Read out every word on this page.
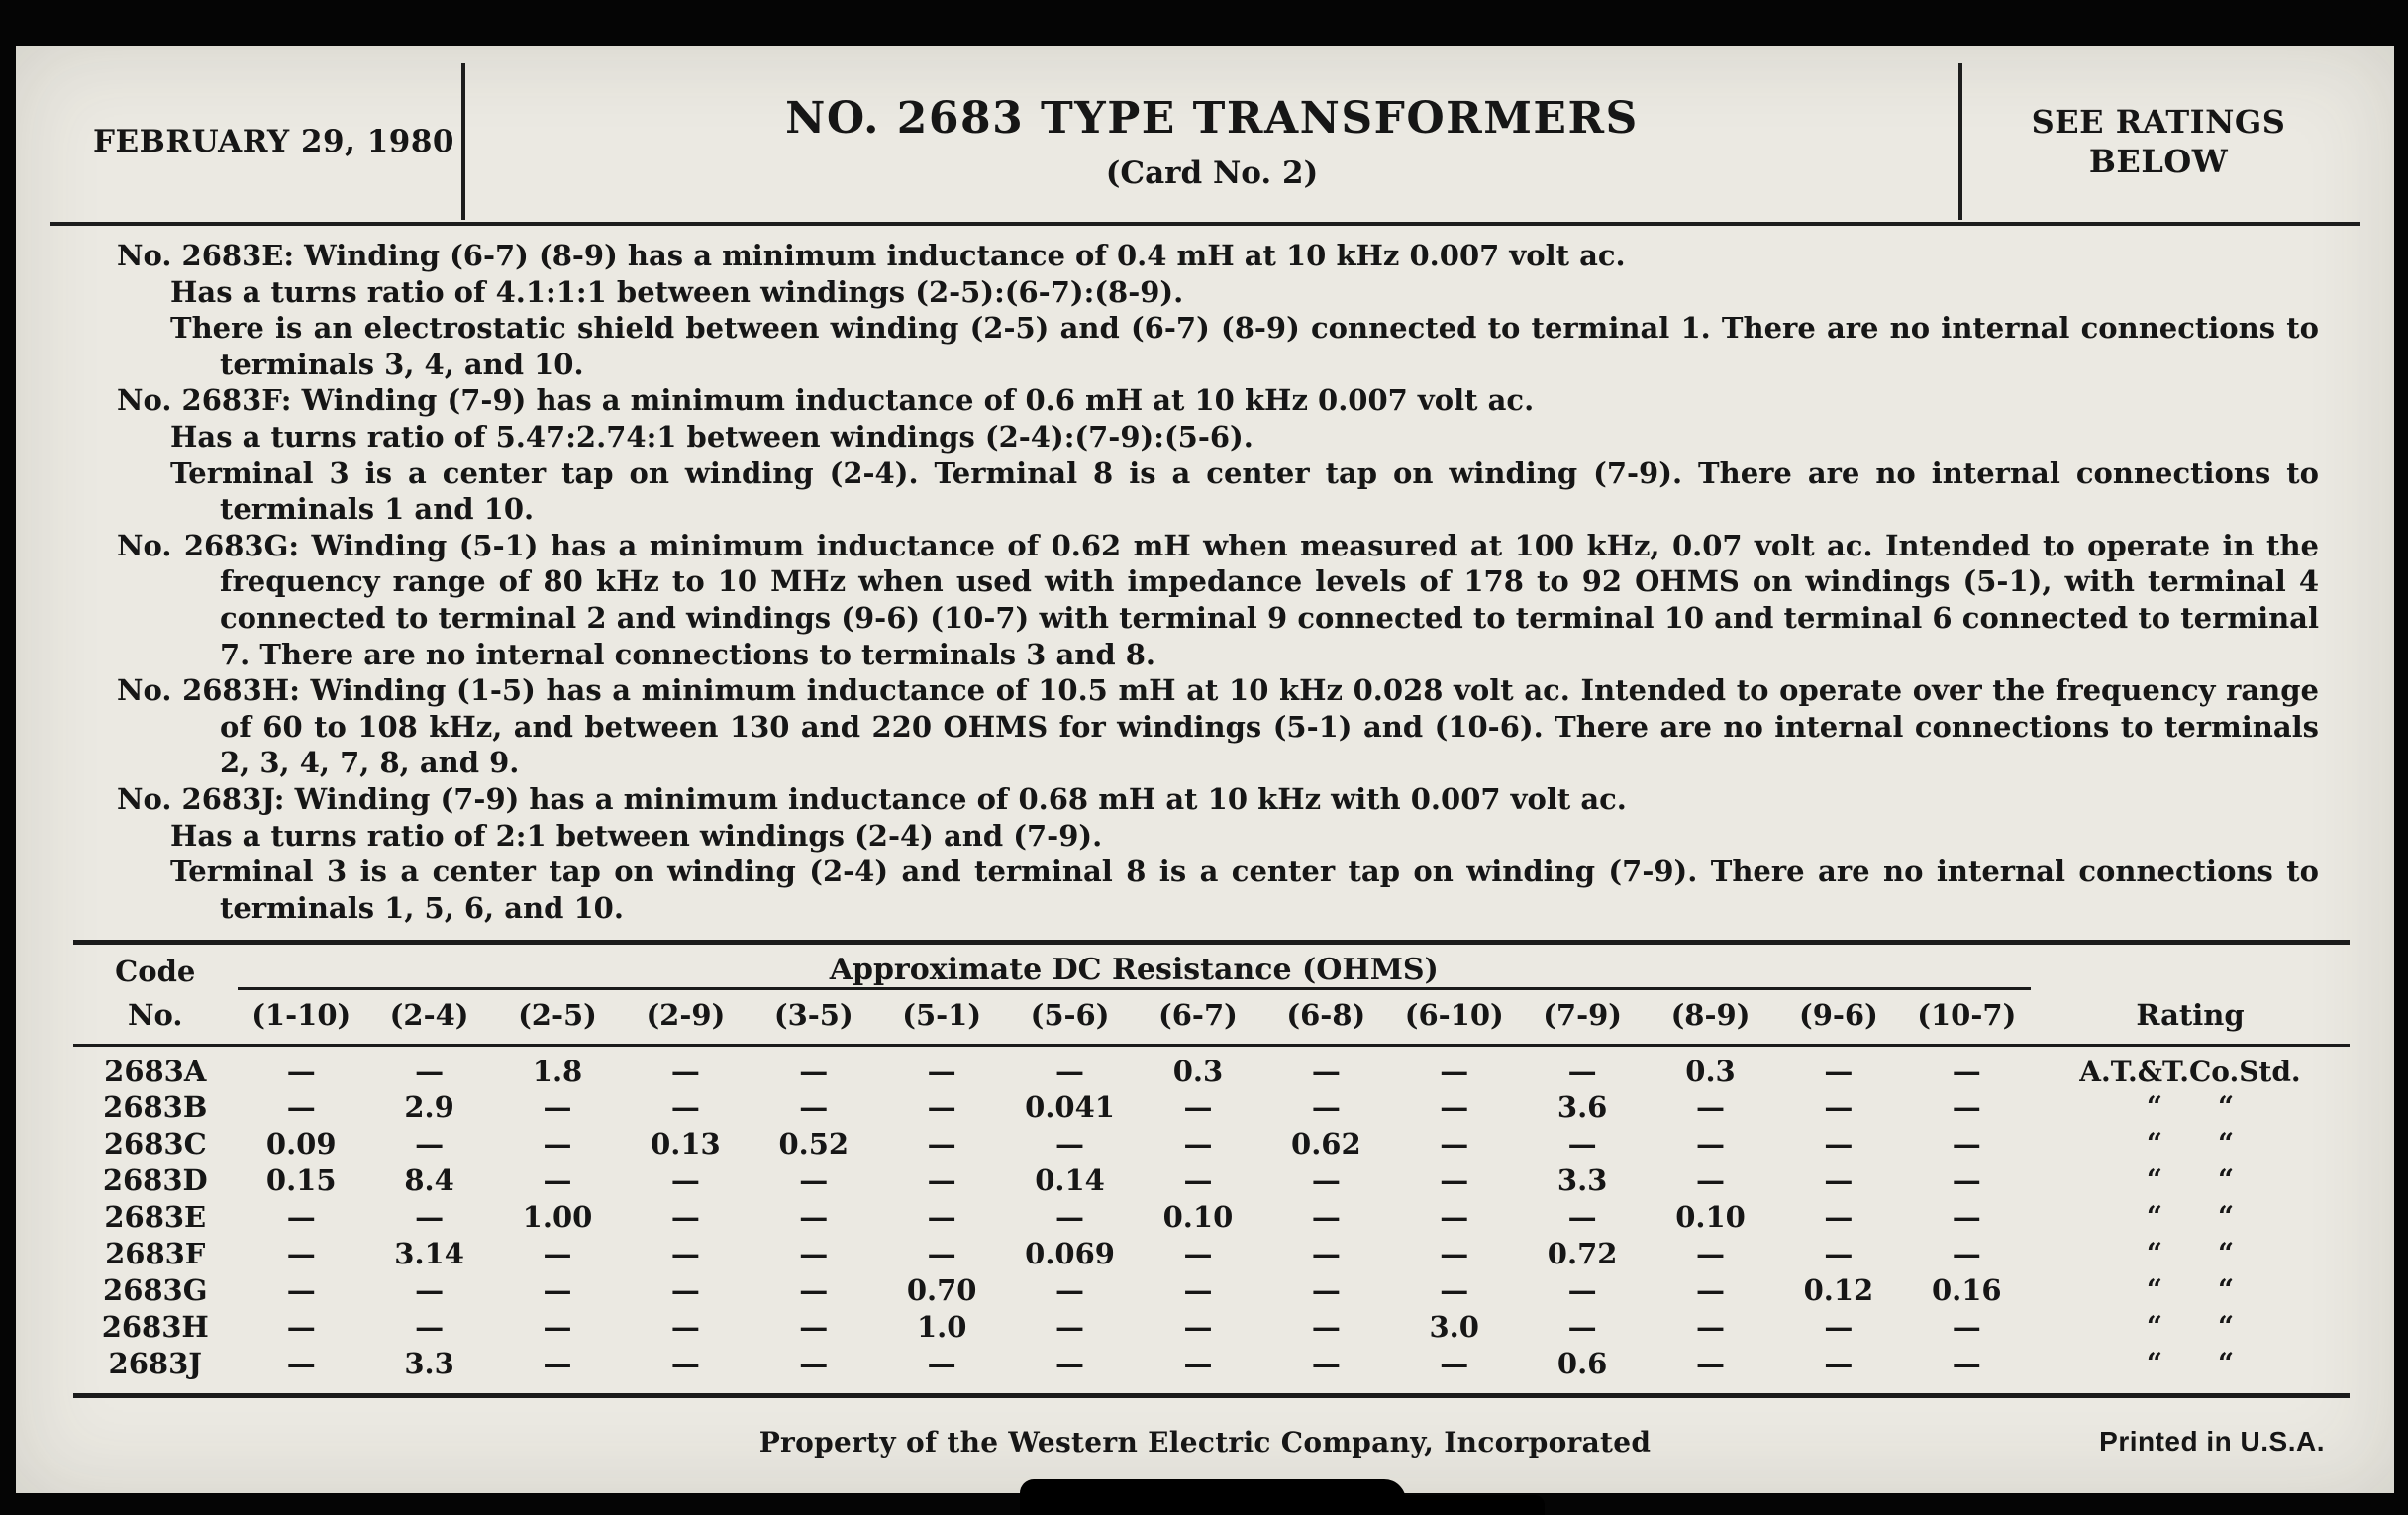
FEBRUARY 29, 1980	NO. 2683 TYPE TRANSFORMERS
(Card No. 2)
SEE RATINGS
BELOW

No. 2683E: Winding (6-7) (8-9) has a minimum inductance of 0.4 mH at 10 kHz 0.007 volt ac.

Has a turns ratio of 4.1:1:1 between windings (2-5):(6-7):(8-9).

There is an electrostatic shield between winding (2-5) and (6-7) (8-9) connected to terminal 1. There are no internal connections to terminals 3, 4, and 10.

No. 2683F: Winding (7-9) has a minimum inductance of 0.6 mH at 10 kHz 0.007 volt ac.

Has a turns ratio of 5.47:2.74:1 between windings (2-4):(7-9):(5-6).

Terminal 3 is a center tap on winding (2-4). Terminal 8 is a center tap on winding (7-9). There are no internal connections to terminals 1 and 10.

No. 2683G: Winding (5-1) has a minimum inductance of 0.62 mH when measured at 100 kHz, 0.07 volt ac. Intended to operate in the frequency range of 80 kHz to 10 MHz when used with impedance levels of 178 to 92 OHMS on windings (5-1), with terminal 4 connected to terminal 2 and windings (9-6) (10-7) with terminal 9 connected to terminal 10 and terminal 6 connected to terminal 7. There are no internal connections to terminals 3 and 8.

No. 2683H: Winding (1-5) has a minimum inductance of 10.5 mH at 10 kHz 0.028 volt ac. Intended to operate over the frequency range of 60 to 108 kHz, and between 130 and 220 OHMS for windings (5-1) and (10-6). There are no internal connections to terminals 2, 3, 4, 7, 8, and 9.

No. 2683J: Winding (7-9) has a minimum inductance of 0.68 mH at 10 kHz with 0.007 volt ac.

Has a turns ratio of 2:1 between windings (2-4) and (7-9).

Terminal 3 is a center tap on winding (2-4) and terminal 8 is a center tap on winding (7-9). There are no internal connections to terminals 1, 5, 6, and 10.

Code	Approximate DC Resistance (OHMS)														
No.	(1-10)	(2-4)	(2-5)	(2-9)	(3-5)	(5-1)	(5-6)	(6-7)	(6-8)	(6-10)	(7-9)	(8-9)	(9-6)	(10-7)	Rating
2683A	—	—	1.8	—	—	—	—	0.3	—	—	—	0.3	—	—	A.T.&T.Co.Std.
2683B	—	2.9	—	—	—	—	0.041	—	—	—	3.6	—	—	—	“  “
2683C	0.09	—	—	0.13	0.52	—	—	—	0.62	—	—	—	—	—	“  “
2683D	0.15	8.4	—	—	—	—	0.14	—	—	—	3.3	—	—	—	“  “
2683E	—	—	1.00	—	—	—	—	0.10	—	—	—	0.10	—	—	“  “
2683F	—	3.14	—	—	—	—	0.069	—	—	—	0.72	—	—	—	“  “
2683G	—	—	—	—	—	0.70	—	—	—	—	—	—	0.12	0.16	“  “
2683H	—	—	—	—	—	1.0	—	—	—	3.0	—	—	—	—	“  “
2683J	—	3.3	—	—	—	—	—	—	—	—	0.6	—	—	—	“  “
Property of the Western Electric Company, Incorporated	Printed in U.S.A.
